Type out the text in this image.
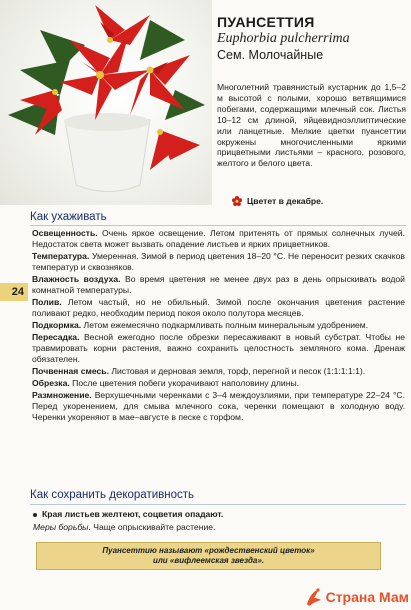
ПУАНСЕТТИЯ
Euphorbia pulcherrima
Сем. Молочайные
Многолетний травянистый кустарник до 1,5–2 м высотой с полыми, хорошо ветвящимися побегами, содержащими млечный сок. Листья 10–12 см длиной, яйцевидноэллиптические или ланцетные. Мелкие цветки пуансеттии окружены многочисленными яркими прицветными листьями – красного, розового, желтого и белого цвета.
Цветет в декабре.
Как ухаживать
24

Освещенность. Очень яркое освещение. Летом притенять от прямых солнечных лучей. Недостаток света может вызвать опадение листьев и ярких прицветников.

Температура. Умеренная. Зимой в период цветения 18–20 °С. Не переносит резких скачков температур и сквозняков.

Влажность воздуха. Во время цветения не менее двух раз в день опрыскивать водой комнатной температуры.

Полив. Летом частый, но не обильный. Зимой после окончания цветения растение поливают редко, необходим период покоя около полутора месяцев.

Подкормка. Летом ежемесячно подкармливать полным минеральным удобрением.

Пересадка. Весной ежегодно после обрезки пересаживают в новый субстрат. Чтобы не травмировать корни растения, важно сохранить целостность земляного кома. Дренаж обязателен.

Почвенная смесь. Листовая и дерновая земля, торф, перегной и песок (1:1:1:1:1).

Обрезка. После цветения побеги укорачивают наполовину длины.

Размножение. Верхушечными черенками с 3–4 междоузлиями, при температуре 22–24 °С. Перед укоренением, для смыва млечного сока, черенки помещают в холодную воду. Черенки укореняют в мае–августе в песке с торфом.

Как сохранить декоративность
Края листьев желтеют, соцветия опадают.
Меры борьбы. Чаще опрыскивайте растение.
Пуансеттию называют «рождественский цветок»
или «вифлеемская звезда».
Страна Мам
